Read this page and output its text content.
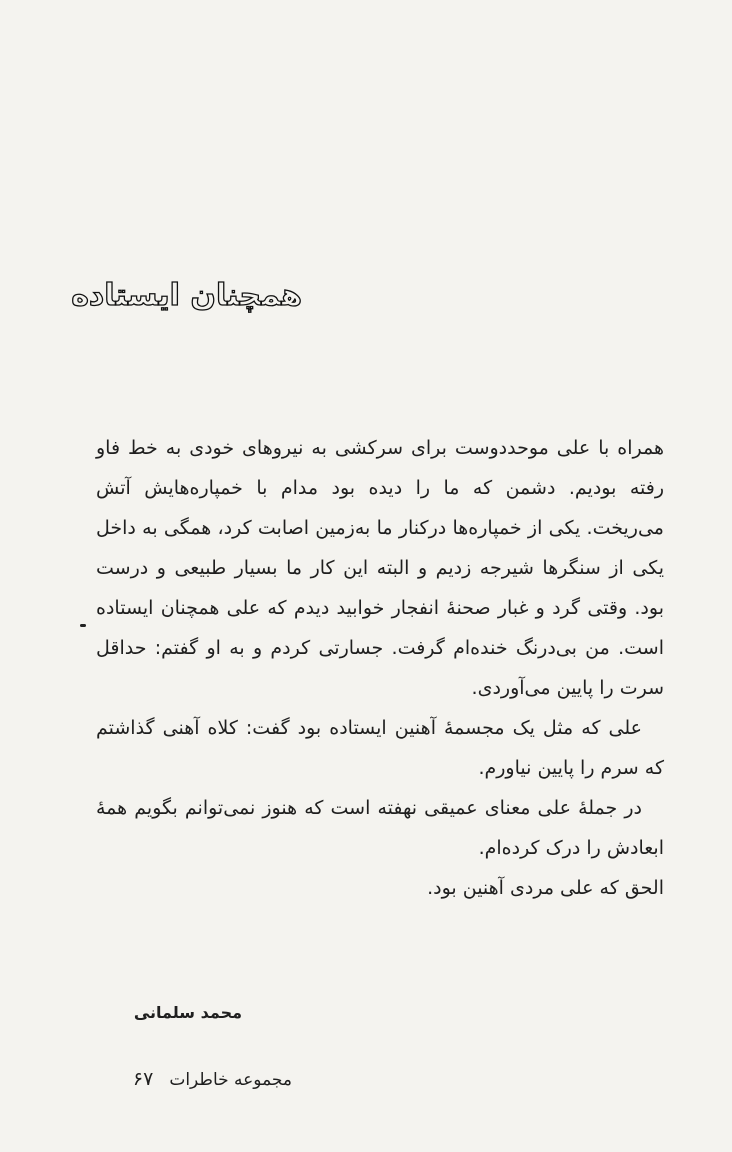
همچنان ایستاده

همراه با علی موحددوست برای سرکشی به نیروهای خودی به خط فاو رفته بودیم. دشمن که ما را دیده بود مدام با خمپاره‌هایش آتش می‌ریخت. یکی از خمپاره‌ها درکنار ما به‌زمین اصابت کرد، همگی به داخل یکی از سنگرها شیرجه زدیم و البته این کار ما بسیار طبیعی و درست بود. وقتی گرد و غبار صحنهٔ انفجار خوابید دیدم که علی همچنان ایستاده است. من بی‌درنگ خنده‌ام گرفت. جسارتی کردم و به او گفتم: حداقل سرت را پایین می‌آوردی.

علی که مثل یک مجسمهٔ آهنین ایستاده بود گفت: کلاه آهنی گذاشتم که سرم را پایین نیاورم.

در جملهٔ علی معنای عمیقی نهفته است که هنوز نمی‌توانم بگویم همهٔ ابعادش را درک کرده‌ام.

الحق که علی مردی آهنین بود.

محمد سلمانی
مجموعه خاطرات۶۷
